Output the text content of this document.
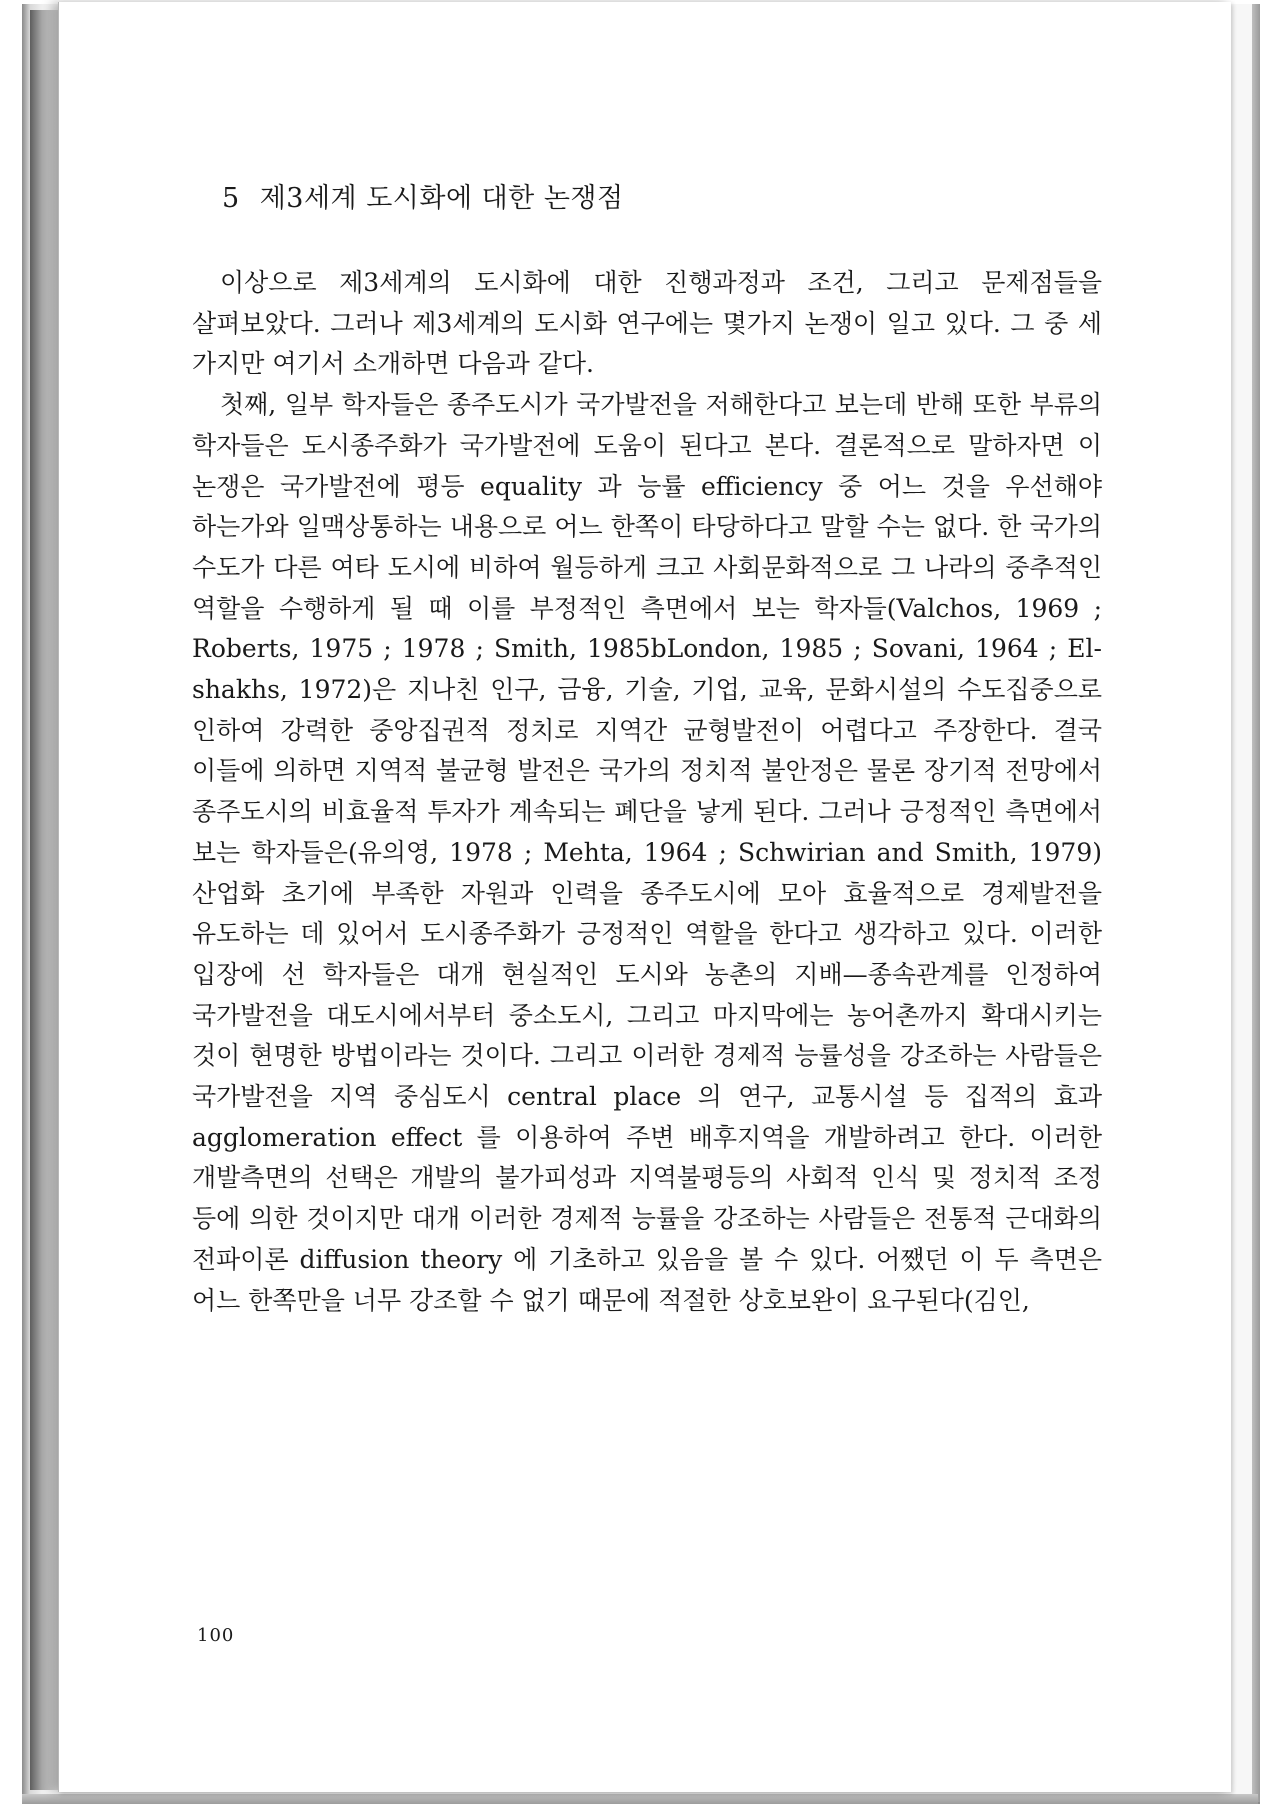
5 제3세계 도시화에 대한 논쟁점

이상으로 제3세계의 도시화에 대한 진행과정과 조건, 그리고 문제점들을 살펴보았다. 그러나 제3세계의 도시화 연구에는 몇가지 논쟁이 일고 있다. 그 중 세 가지만 여기서 소개하면 다음과 같다.

첫째, 일부 학자들은 종주도시가 국가발전을 저해한다고 보는데 반해 또한 부류의 학자들은 도시종주화가 국가발전에 도움이 된다고 본다. 결론적으로 말하자면 이 논쟁은 국가발전에 평등 equality 과 능률 efficiency 중 어느 것을 우선해야 하는가와 일맥상통하는 내용으로 어느 한쪽이 타당하다고 말할 수는 없다. 한 국가의 수도가 다른 여타 도시에 비하여 월등하게 크고 사회문화적으로 그 나라의 중추적인 역할을 수행하게 될 때 이를 부정적인 측면에서 보는 학자들(Valchos, 1969 ; Roberts, 1975 ; 1978 ; Smith, 1985bLondon, 1985 ; Sovani, 1964 ; El-shakhs, 1972)은 지나친 인구, 금융, 기술, 기업, 교육, 문화시설의 수도집중으로 인하여 강력한 중앙집권적 정치로 지역간 균형발전이 어렵다고 주장한다. 결국 이들에 의하면 지역적 불균형 발전은 국가의 정치적 불안정은 물론 장기적 전망에서 종주도시의 비효율적 투자가 계속되는 폐단을 낳게 된다. 그러나 긍정적인 측면에서 보는 학자들은(유의영, 1978 ; Mehta, 1964 ; Schwirian and Smith, 1979)산업화 초기에 부족한 자원과 인력을 종주도시에 모아 효율적으로 경제발전을 유도하는 데 있어서 도시종주화가 긍정적인 역할을 한다고 생각하고 있다. 이러한 입장에 선 학자들은 대개 현실적인 도시와 농촌의 지배—종속관계를 인정하여 국가발전을 대도시에서부터 중소도시, 그리고 마지막에는 농어촌까지 확대시키는 것이 현명한 방법이라는 것이다. 그리고 이러한 경제적 능률성을 강조하는 사람들은 국가발전을 지역 중심도시 central place 의 연구, 교통시설 등 집적의 효과 agglomeration effect 를 이용하여 주변 배후지역을 개발하려고 한다. 이러한 개발측면의 선택은 개발의 불가피성과 지역불평등의 사회적 인식 및 정치적 조정 등에 의한 것이지만 대개 이러한 경제적 능률을 강조하는 사람들은 전통적 근대화의 전파이론 diffusion theory 에 기초하고 있음을 볼 수 있다. 어쨌던 이 두 측면은 어느 한쪽만을 너무 강조할 수 없기 때문에 적절한 상호보완이 요구된다(김인,

100
